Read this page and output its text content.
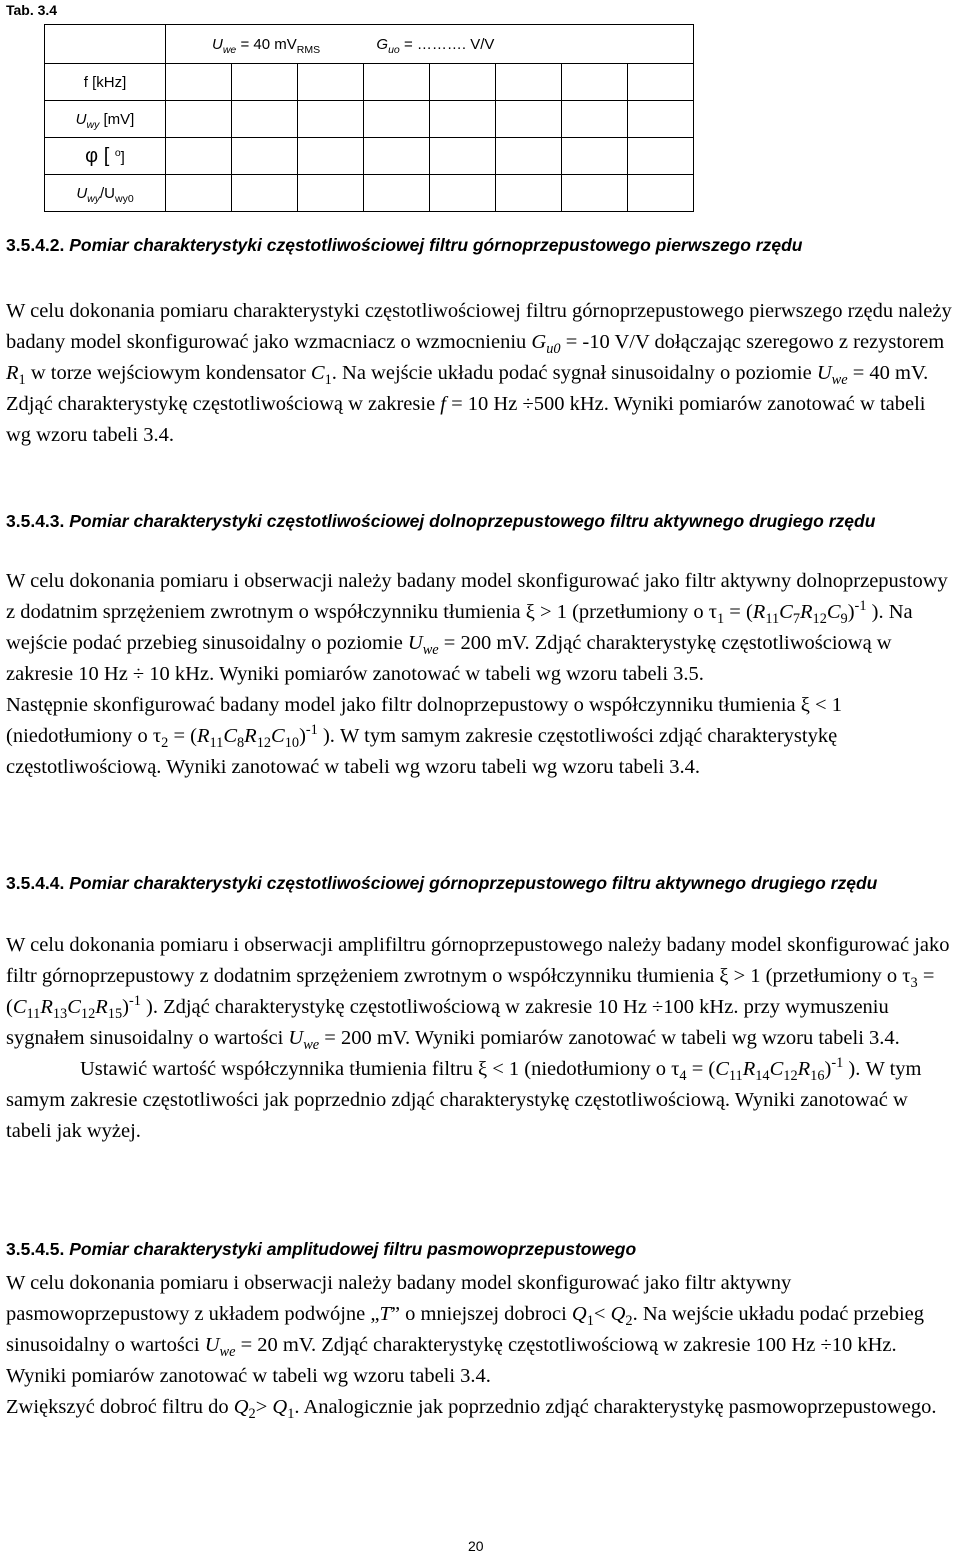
Tab. 3.4
	$U_{we} = 40$ $mV_{RMS}$ $G_{uo}$ = ………. V/V							
f [kHz]								
$U_{wy}$ [mV]								
φ [ $^o$]								
$U_{wy}/U_{wy0}$								
3.5.4.2. Pomiar charakterystyki częstotliwościowej filtru górnoprzepustowego pierwszego rzędu
W celu dokonania pomiaru charakterystyki częstotliwościowej filtru górnoprzepustowego pierwszego rzędu należy badany model skonfigurować jako wzmacniacz o wzmocnieniu $G_{u0} = -10$ V/V dołączając szeregowo z rezystorem $R_1$ w torze wejściowym kondensator $C_1$. Na wejście układu podać sygnał sinusoidalny o poziomie $U_{we} = 40$ mV. Zdjąć charakterystykę częstotliwościową w zakresie f = 10 Hz ÷500 kHz. Wyniki pomiarów zanotować w tabeli wg wzoru tabeli 3.4.
3.5.4.3. Pomiar charakterystyki częstotliwościowej dolnoprzepustowego filtru aktywnego drugiego rzędu
W celu dokonania pomiaru i obserwacji należy badany model skonfigurować jako filtr aktywny dolnoprzepustowy z dodatnim sprzężeniem zwrotnym o współczynniku tłumienia ξ > 1 (przetłumiony o $\tau_1 = (R_{11}C_7R_{12}C_9)^{-1}$ ). Na wejście podać przebieg sinusoidalny o poziomie $U_{we} = 200$ mV. Zdjąć charakterystykę częstotliwościową w zakresie 10 Hz ÷ 10 kHz. Wyniki pomiarów zanotować w tabeli wg wzoru tabeli 3.5.
Następnie skonfigurować badany model jako filtr dolnoprzepustowy o współczynniku tłumienia ξ < 1 (niedotłumiony o $\tau_2 = (R_{11}C_8R_{12}C_{10})^{-1}$ ). W tym samym zakresie częstotliwości zdjąć charakterystykę częstotliwościową. Wyniki zanotować w tabeli wg wzoru tabeli wg wzoru tabeli 3.4.
3.5.4.4. Pomiar charakterystyki częstotliwościowej górnoprzepustowego filtru aktywnego drugiego rzędu
W celu dokonania pomiaru i obserwacji amplifiltru górnoprzepustowego należy badany model skonfigurować jako filtr górnoprzepustowy z dodatnim sprzężeniem zwrotnym o współczynniku tłumienia ξ > 1 (przetłumiony o $\tau_3 = (C_{11}R_{13}C_{12}R_{15})^{-1}$ ). Zdjąć charakterystykę częstotliwościową w zakresie 10 Hz ÷100 kHz. przy wymuszeniu sygnałem sinusoidalny o wartości $U_{we} = 200$ mV. Wyniki pomiarów zanotować w tabeli wg wzoru tabeli 3.4.
Ustawić wartość współczynnika tłumienia filtru ξ < 1 (niedotłumiony o $\tau_4 = (C_{11}R_{14}C_{12}R_{16})^{-1}$ ). W tym samym zakresie częstotliwości jak poprzednio zdjąć charakterystykę częstotliwościową. Wyniki zanotować w tabeli jak wyżej.
3.5.4.5. Pomiar charakterystyki amplitudowej filtru pasmowoprzepustowego
W celu dokonania pomiaru i obserwacji należy badany model skonfigurować jako filtr aktywny pasmowoprzepustowy z układem podwójne „T” o mniejszej dobroci $Q_1< Q_2$. Na wejście układu podać przebieg sinusoidalny o wartości $U_{we} = 20$ mV. Zdjąć charakterystykę częstotliwościową w zakresie 100 Hz ÷10 kHz. Wyniki pomiarów zanotować w tabeli wg wzoru tabeli 3.4.
Zwiększyć dobroć filtru do $Q_2> Q_1$. Analogicznie jak poprzednio zdjąć charakterystykę pasmowoprzepustowego.
20
